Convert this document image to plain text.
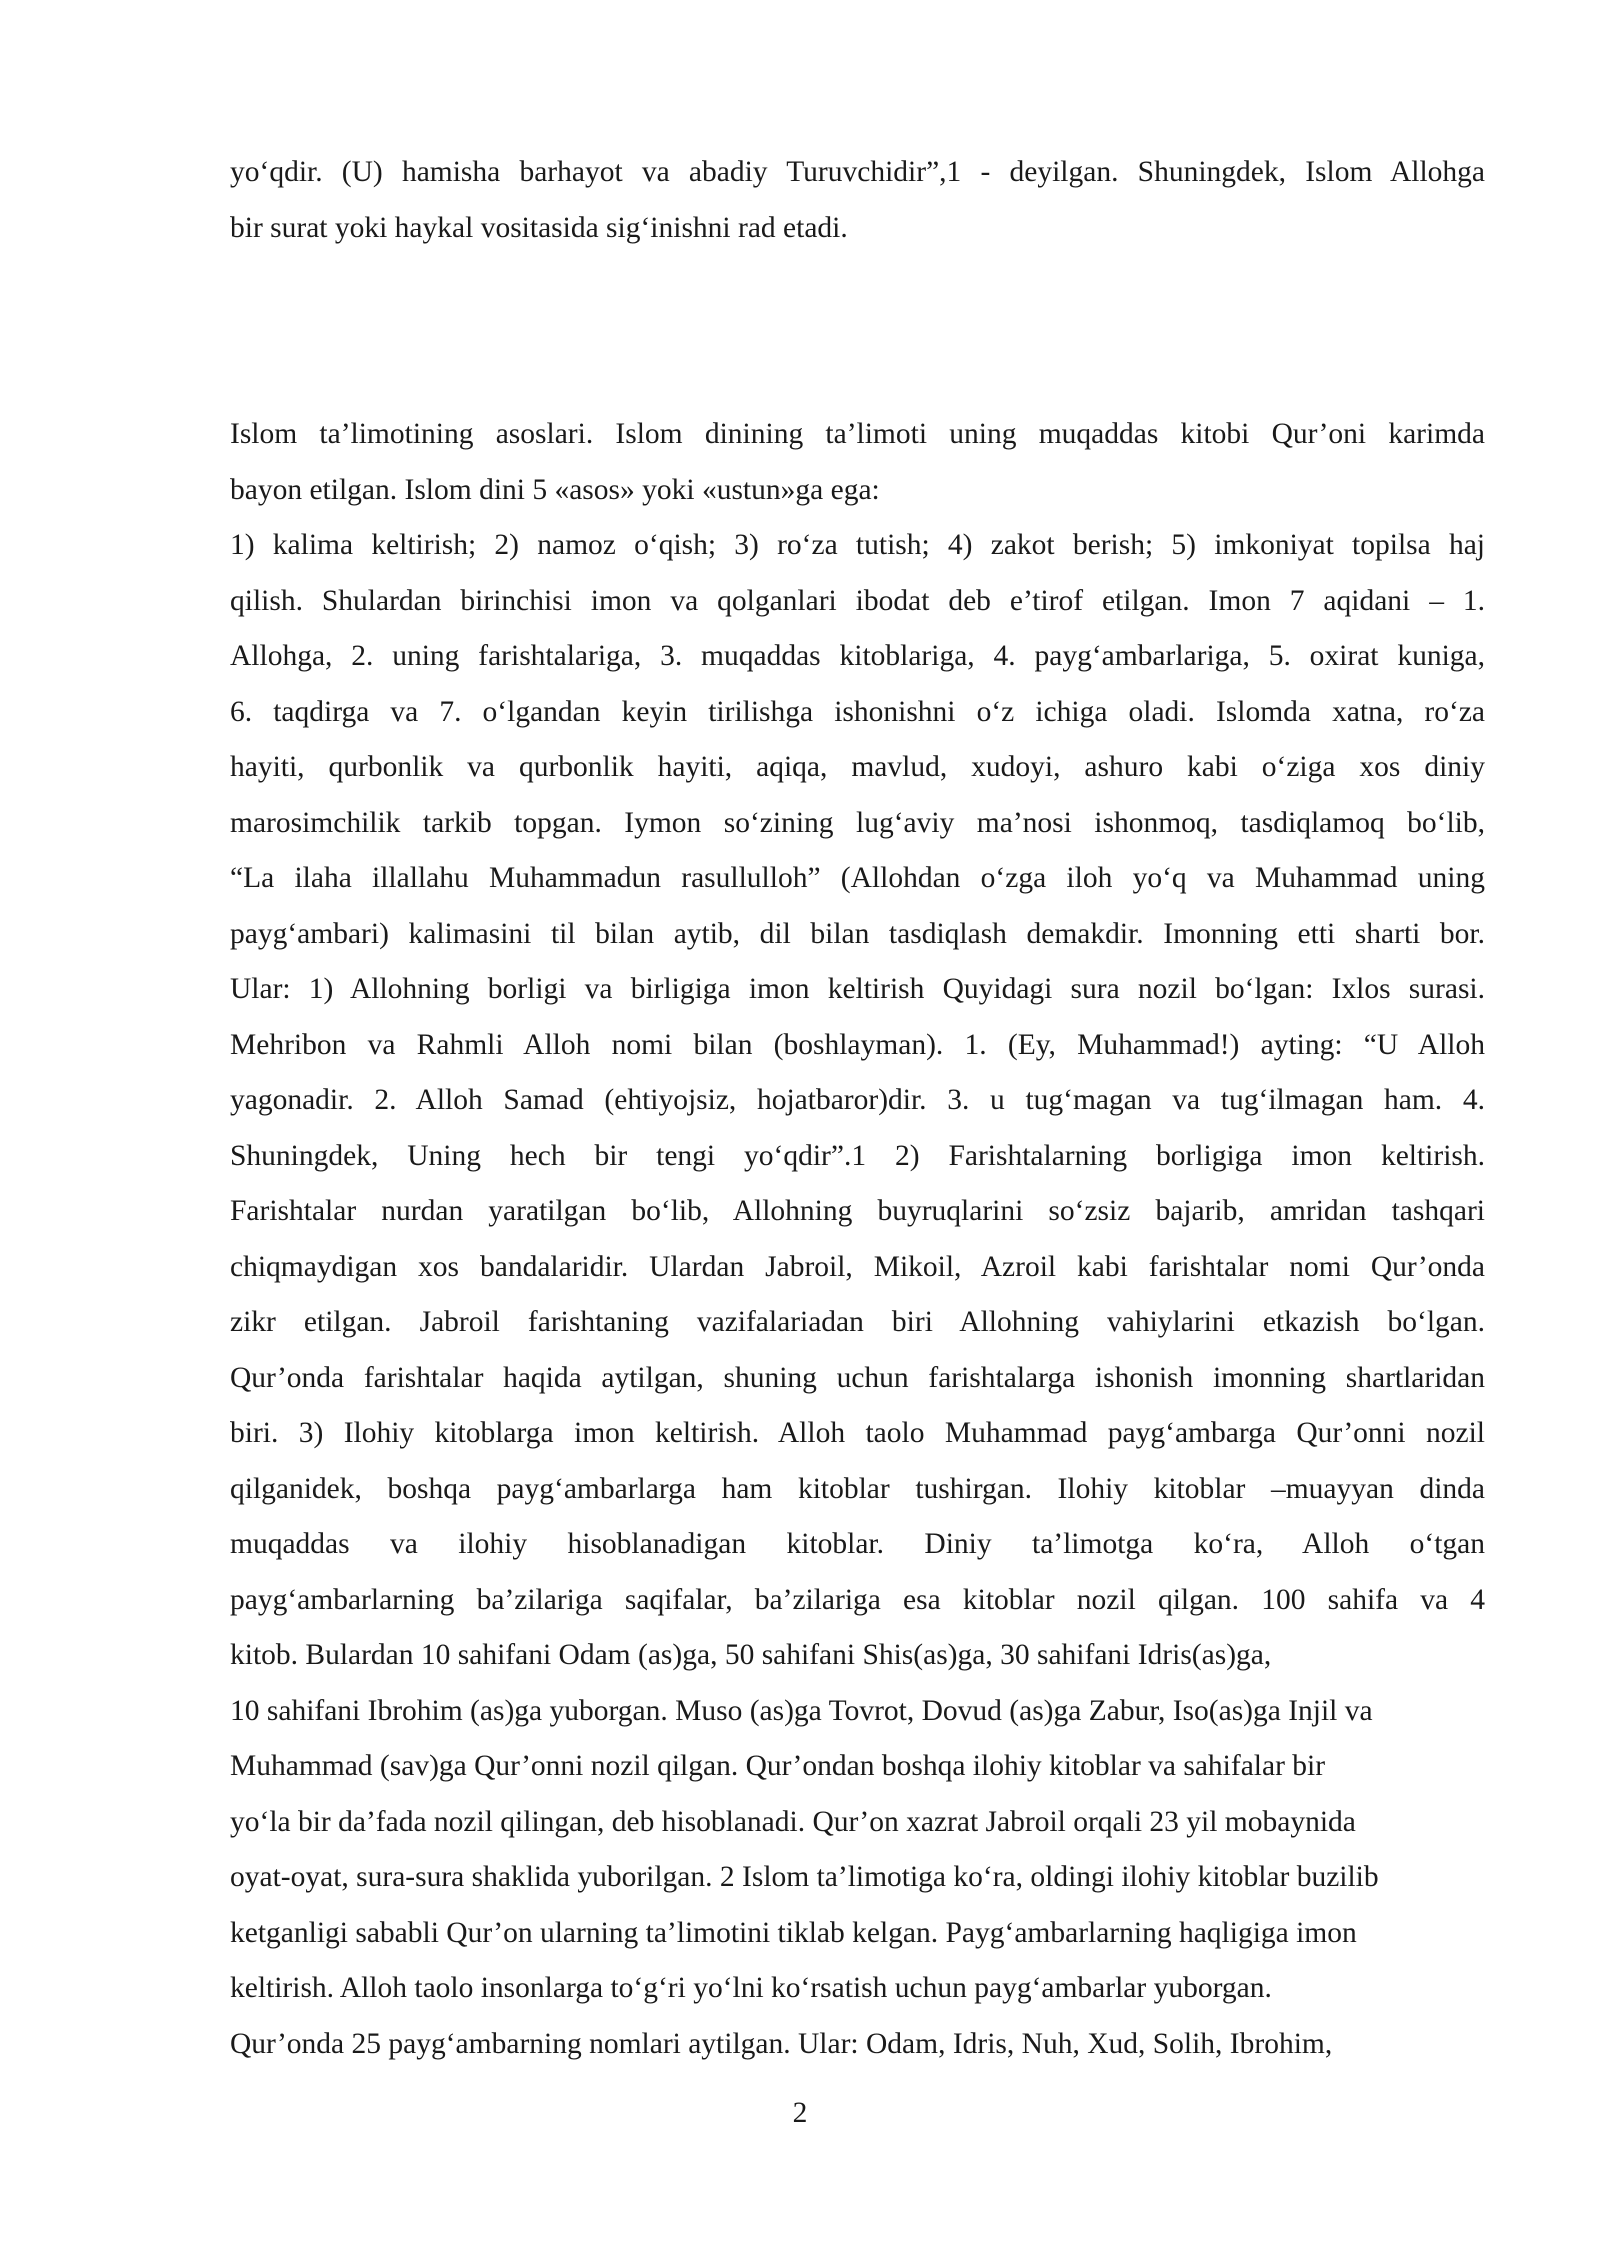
yo‘qdir. (U) hamisha barhayot va abadiy Turuvchidir”,1 - deyilgan. Shuningdek, Islom Allohga
bir surat yoki haykal vositasida sig‘inishni rad etadi.
Islom ta’limotining asoslari. Islom dinining ta’limoti uning muqaddas kitobi Qur’oni karimda
bayon etilgan. Islom dini 5 «asos» yoki «ustun»ga ega:
1) kalima keltirish; 2) namoz o‘qish; 3) ro‘za tutish; 4) zakot berish; 5) imkoniyat topilsa haj
qilish. Shulardan birinchisi imon va qolganlari ibodat deb e’tirof etilgan. Imon 7 aqidani – 1.
Allohga, 2. uning farishtalariga, 3. muqaddas kitoblariga, 4. payg‘ambarlariga, 5. oxirat kuniga,
6. taqdirga va 7. o‘lgandan keyin tirilishga ishonishni o‘z ichiga oladi. Islomda xatna, ro‘za
hayiti, qurbonlik va qurbonlik hayiti, aqiqa, mavlud, xudoyi, ashuro kabi o‘ziga xos diniy
marosimchilik tarkib topgan. Iymon so‘zining lug‘aviy ma’nosi ishonmoq, tasdiqlamoq bo‘lib,
“La ilaha illallahu Muhammadun rasullulloh” (Allohdan o‘zga iloh yo‘q va Muhammad uning
payg‘ambari) kalimasini til bilan aytib, dil bilan tasdiqlash demakdir. Imonning etti sharti bor.
Ular: 1) Allohning borligi va birligiga imon keltirish Quyidagi sura nozil bo‘lgan: Ixlos surasi.
Mehribon va Rahmli Alloh nomi bilan (boshlayman). 1. (Ey, Muhammad!) ayting: “U Alloh
yagonadir. 2. Alloh Samad (ehtiyojsiz, hojatbaror)dir. 3. u tug‘magan va tug‘ilmagan ham. 4.
Shuningdek, Uning hech bir tengi yo‘qdir”.1 2) Farishtalarning borligiga imon keltirish.
Farishtalar nurdan yaratilgan bo‘lib, Allohning buyruqlarini so‘zsiz bajarib, amridan tashqari
chiqmaydigan xos bandalaridir. Ulardan Jabroil, Mikoil, Azroil kabi farishtalar nomi Qur’onda
zikr etilgan. Jabroil farishtaning vazifalariadan biri Allohning vahiylarini etkazish bo‘lgan.
Qur’onda farishtalar haqida aytilgan, shuning uchun farishtalarga ishonish imonning shartlaridan
biri. 3) Ilohiy kitoblarga imon keltirish. Alloh taolo Muhammad payg‘ambarga Qur’onni nozil
qilganidek, boshqa payg‘ambarlarga ham kitoblar tushirgan. Ilohiy kitoblar –muayyan dinda
muqaddas va ilohiy hisoblanadigan kitoblar. Diniy ta’limotga ko‘ra, Alloh o‘tgan
payg‘ambarlarning ba’zilariga saqifalar, ba’zilariga esa kitoblar nozil qilgan. 100 sahifa va 4
kitob. Bulardan 10 sahifani Odam (as)ga, 50 sahifani Shis(as)ga, 30 sahifani Idris(as)ga,
10 sahifani Ibrohim (as)ga yuborgan. Muso (as)ga Tovrot, Dovud (as)ga Zabur, Iso(as)ga Injil va
Muhammad (sav)ga Qur’onni nozil qilgan. Qur’ondan boshqa ilohiy kitoblar va sahifalar bir
yo‘la bir da’fada nozil qilingan, deb hisoblanadi. Qur’on xazrat Jabroil orqali 23 yil mobaynida
oyat-oyat, sura-sura shaklida yuborilgan. 2 Islom ta’limotiga ko‘ra, oldingi ilohiy kitoblar buzilib
ketganligi sababli Qur’on ularning ta’limotini tiklab kelgan. Payg‘ambarlarning haqligiga imon
keltirish. Alloh taolo insonlarga to‘g‘ri yo‘lni ko‘rsatish uchun payg‘ambarlar yuborgan.
Qur’onda 25 payg‘ambarning nomlari aytilgan. Ular: Odam, Idris, Nuh, Xud, Solih, Ibrohim,
2
